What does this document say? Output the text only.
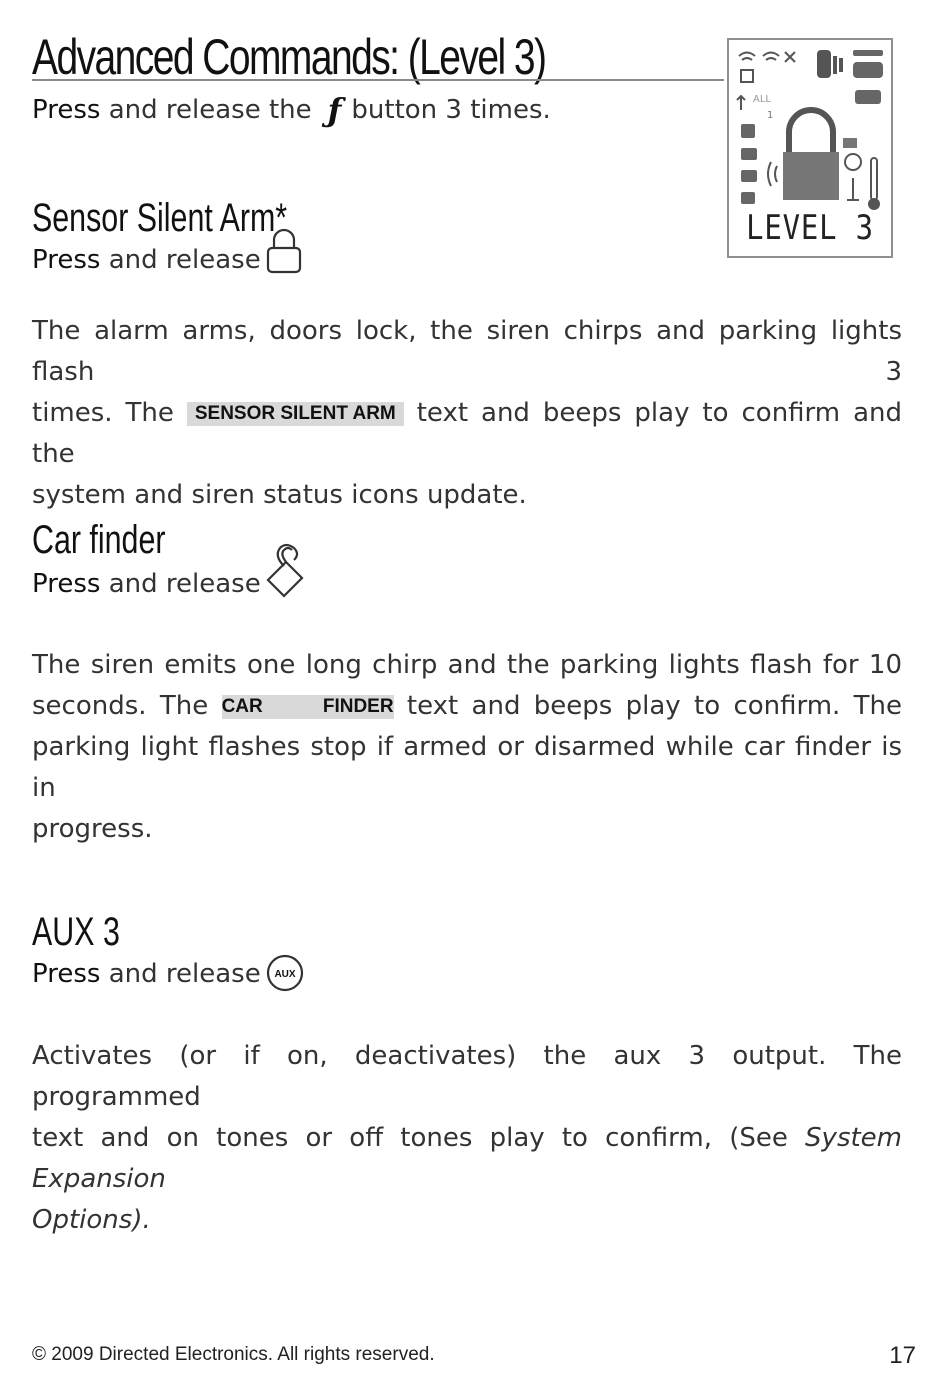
Advanced Commands: (Level 3)

Press
and release the ƒ button 3 times.	ALL
1
LEVEL 3
Sensor Silent Arm*

Press
and release

The alarm arms, doors lock, the siren chirps and parking lights flash 3
times. The SENSOR SILENT ARM text and beeps play to confirm and the
system and siren status icons update.
Car finder

Press
and release

The siren emits one long chirp and the parking lights flash for 10
seconds. The CAR FINDER text and beeps play to confirm. The
parking light flashes stop if armed or disarmed while car finder is in
progress.
AUX 3

Press
and release AUX
Activates (or if on, deactivates) the aux 3 output. The programmed
text and on tones or off tones play to confirm, (See System Expansion
Options).
© 2009 Directed Electronics. All rights reserved.	17
